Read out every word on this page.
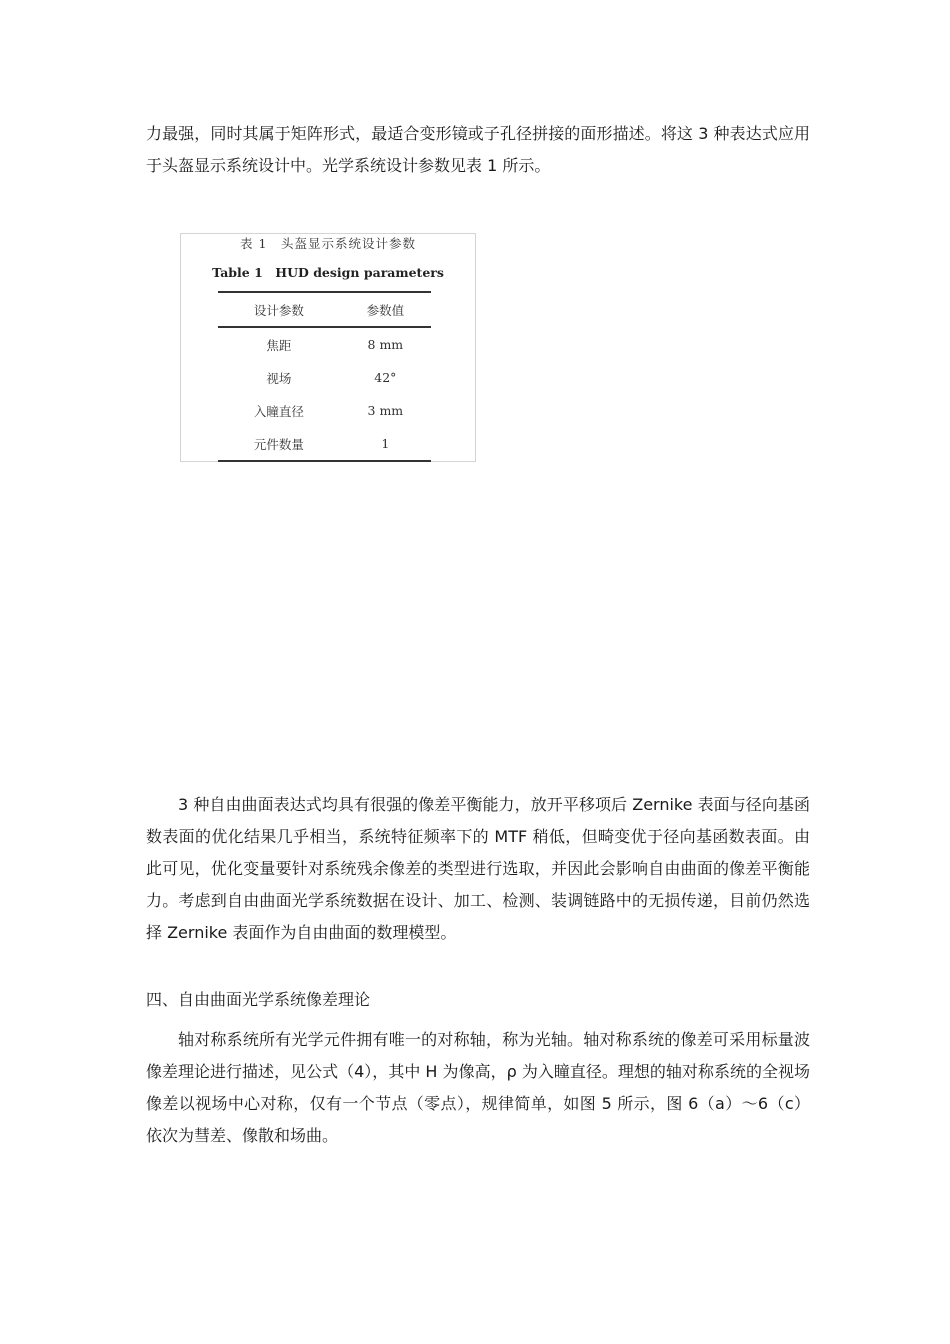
力最强，同时其属于矩阵形式，最适合变形镜或子孔径拼接的面形描述。将这 3 种表达式应用于头盔显示系统设计中。光学系统设计参数见表 1 所示。

表 1　头盔显示系统设计参数
Table 1　HUD design parameters
设计参数	参数值
焦距	8 mm
视场	42°
入瞳直径	3 mm
元件数量	1

3 种自由曲面表达式均具有很强的像差平衡能力，放开平移项后 Zernike 表面与径向基函数表面的优化结果几乎相当，系统特征频率下的 MTF 稍低，但畸变优于径向基函数表面。由此可见，优化变量要针对系统残余像差的类型进行选取，并因此会影响自由曲面的像差平衡能力。考虑到自由曲面光学系统数据在设计、加工、检测、装调链路中的无损传递，目前仍然选择 Zernike 表面作为自由曲面的数理模型。

四、自由曲面光学系统像差理论

轴对称系统所有光学元件拥有唯一的对称轴，称为光轴。轴对称系统的像差可采用标量波像差理论进行描述，见公式（4），其中 H 为像高，ρ 为入瞳直径。理想的轴对称系统的全视场像差以视场中心对称，仅有一个节点（零点），规律简单，如图 5 所示，图 6（a）～6（c）依次为彗差、像散和场曲。
